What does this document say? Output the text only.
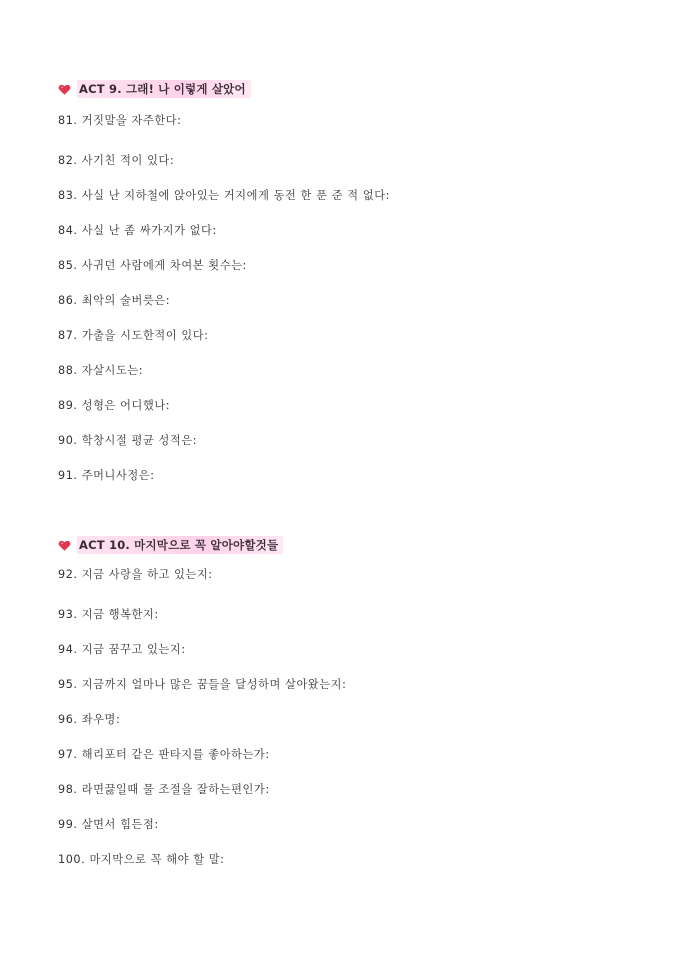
ACT 9. 그래! 나 이렇게 살았어
81. 거짓말을 자주한다:
82. 사기친 적이 있다:
83. 사실 난 지하철에 앉아있는 거지에게 동전 한 푼 준 적 없다:
84. 사실 난 좀 싸가지가 없다:
85. 사귀던 사람에게 차여본 횟수는:
86. 최악의 술버릇은:
87. 가출을 시도한적이 있다:
88. 자살시도는:
89. 성형은 어디했나:
90. 학창시절 평균 성적은:
91. 주머니사정은:
ACT 10. 마지막으로 꼭 알아야할것들
92. 지금 사랑을 하고 있는지:
93. 지금 행복한지:
94. 지금 꿈꾸고 있는지:
95. 지금까지 얼마나 많은 꿈들을 달성하며 살아왔는지:
96. 좌우명:
97. 해리포터 같은 판타지를 좋아하는가:
98. 라면끓일때 물 조절을 잘하는편인가:
99. 살면서 힘든점:
100. 마지막으로 꼭 해야 할 말:
